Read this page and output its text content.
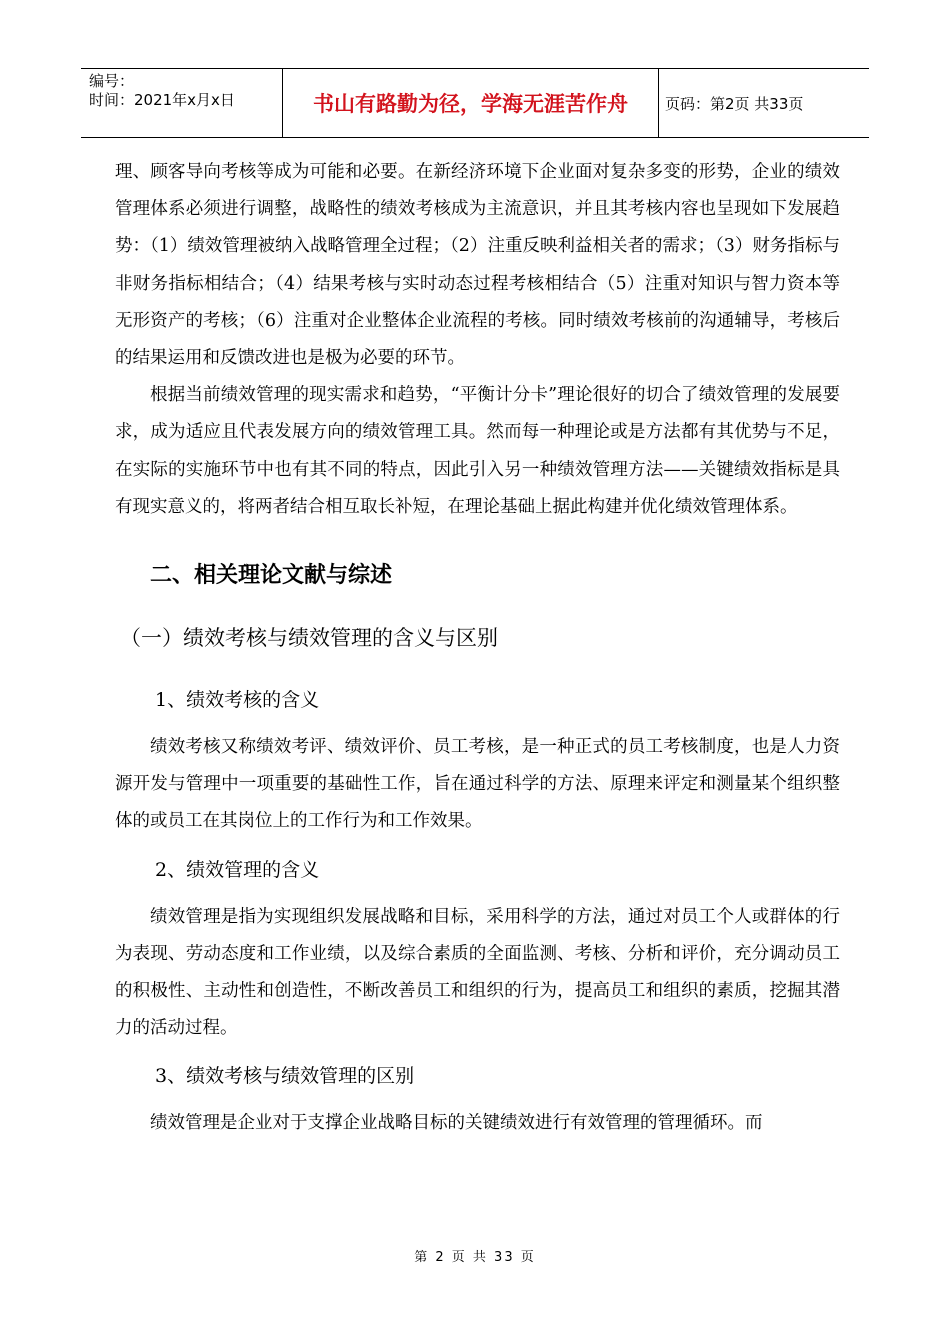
编号：
时间：2021年x月x日	书山有路勤为径，学海无涯苦作舟	页码：第2页 共33页

理、顾客导向考核等成为可能和必要。在新经济环境下企业面对复杂多变的形势，企业的绩效管理体系必须进行调整，战略性的绩效考核成为主流意识，并且其考核内容也呈现如下发展趋势：（1）绩效管理被纳入战略管理全过程；（2）注重反映利益相关者的需求；（3）财务指标与非财务指标相结合；（4）结果考核与实时动态过程考核相结合（5）注重对知识与智力资本等无形资产的考核；（6）注重对企业整体企业流程的考核。同时绩效考核前的沟通辅导，考核后的结果运用和反馈改进也是极为必要的环节。

根据当前绩效管理的现实需求和趋势，“平衡计分卡”理论很好的切合了绩效管理的发展要求，成为适应且代表发展方向的绩效管理工具。然而每一种理论或是方法都有其优势与不足，在实际的实施环节中也有其不同的特点，因此引入另一种绩效管理方法——关键绩效指标是具有现实意义的，将两者结合相互取长补短，在理论基础上据此构建并优化绩效管理体系。

二、相关理论文献与综述
（一）绩效考核与绩效管理的含义与区别
1、绩效考核的含义

绩效考核又称绩效考评、绩效评价、员工考核，是一种正式的员工考核制度，也是人力资源开发与管理中一项重要的基础性工作，旨在通过科学的方法、原理来评定和测量某个组织整体的或员工在其岗位上的工作行为和工作效果。

2、绩效管理的含义

绩效管理是指为实现组织发展战略和目标，采用科学的方法，通过对员工个人或群体的行为表现、劳动态度和工作业绩，以及综合素质的全面监测、考核、分析和评价，充分调动员工的积极性、主动性和创造性，不断改善员工和组织的行为，提高员工和组织的素质，挖掘其潜力的活动过程。

3、绩效考核与绩效管理的区别

绩效管理是企业对于支撑企业战略目标的关键绩效进行有效管理的管理循环。而

第 2 页 共 33 页
